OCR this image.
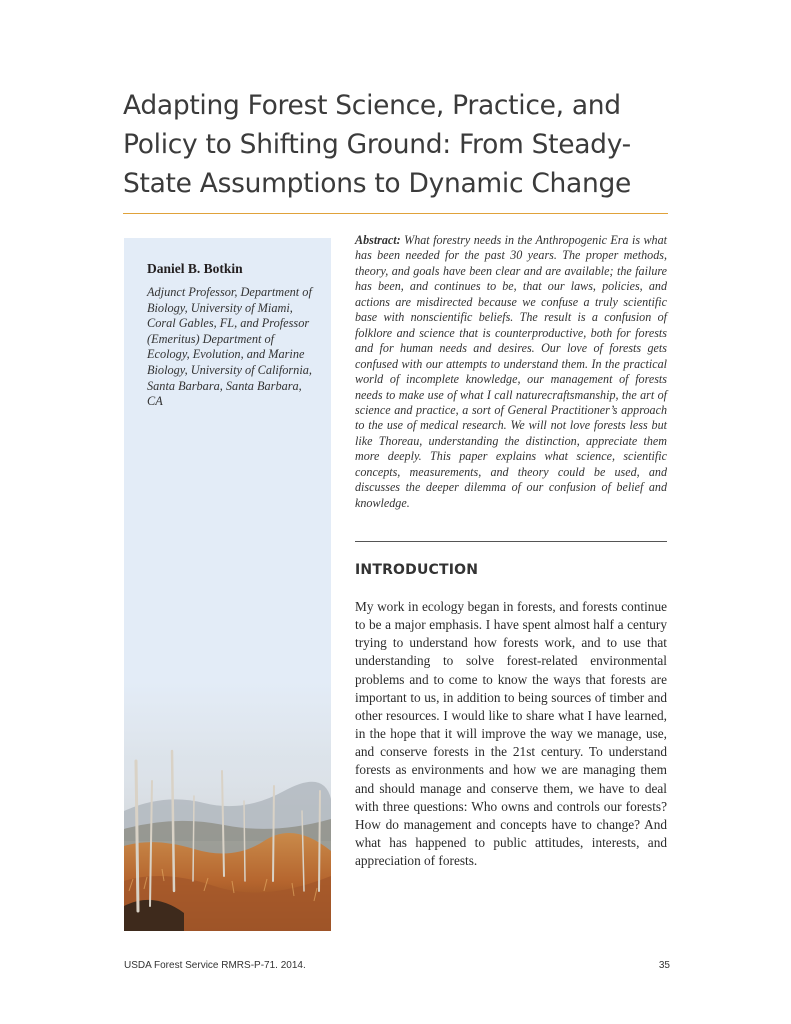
Adapting Forest Science, Practice, and Policy to Shifting Ground: From Steady-State Assumptions to Dynamic Change

Daniel B. Botkin

Adjunct Professor, Department of Biology, University of Miami, Coral Gables, FL, and Professor (Emeritus) Department of Ecology, Evolution, and Marine Biology, University of California, Santa Barbara, Santa Barbara, CA

Abstract: What forestry needs in the Anthropogenic Era is what has been needed for the past 30 years. The proper methods, theory, and goals have been clear and are available; the failure has been, and continues to be, that our laws, policies, and actions are misdirected because we confuse a truly scientific base with nonscientific beliefs. The result is a confusion of folklore and science that is counterproductive, both for forests and for human needs and desires. Our love of forests gets confused with our attempts to understand them. In the practical world of incomplete knowledge, our management of forests needs to make use of what I call naturecraftsmanship, the art of science and practice, a sort of General Practitioner’s approach to the use of medical research. We will not love forests less but like Thoreau, understanding the distinction, appreciate them more deeply. This paper explains what science, scientific concepts, measurements, and theory could be used, and discusses the deeper dilemma of our confusion of belief and knowledge.

INTRODUCTION

My work in ecology began in forests, and forests continue to be a major emphasis. I have spent almost half a century trying to understand how forests work, and to use that understanding to solve forest-related environmental problems and to come to know the ways that forests are important to us, in addition to being sources of timber and other resources. I would like to share what I have learned, in the hope that it will improve the way we manage, use, and conserve forests in the 21st century. To understand forests as environments and how we are managing them and should manage and conserve them, we have to deal with three questions: Who owns and controls our forests? How do management and concepts have to change? And what has happened to public attitudes, interests, and appreciation of forests.

USDA Forest Service RMRS-P-71. 2014.	35
